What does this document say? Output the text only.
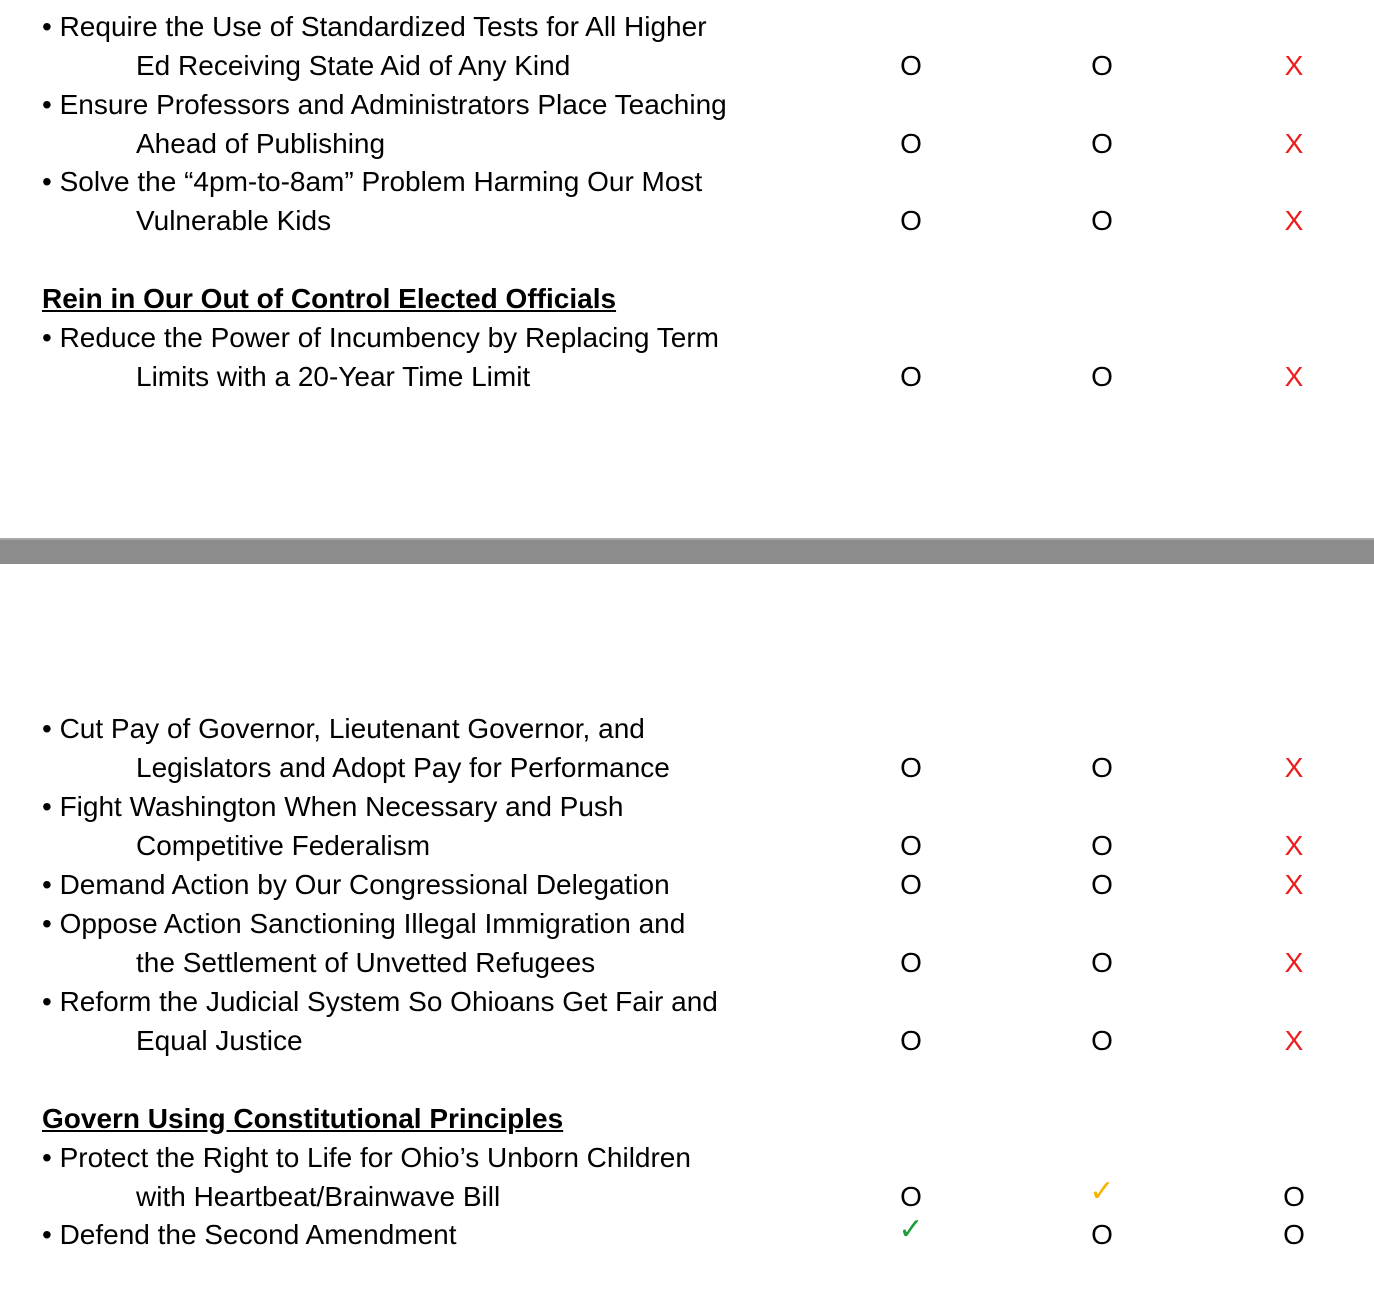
• Require the Use of Standardized Tests for All Higher
Ed Receiving State Aid of Any Kind	O	O	X
• Ensure Professors and Administrators Place Teaching
Ahead of Publishing	O	O	X
• Solve the “4pm-to-8am” Problem Harming Our Most
Vulnerable Kids	O	O	X
Rein in Our Out of Control Elected Officials
• Reduce the Power of Incumbency by Replacing Term
Limits with a 20-Year Time Limit	O	O	X
• Cut Pay of Governor, Lieutenant Governor, and
Legislators and Adopt Pay for Performance	O	O	X
• Fight Washington When Necessary and Push
Competitive Federalism	O	O	X
• Demand Action by Our Congressional Delegation	O	O	X
• Oppose Action Sanctioning Illegal Immigration and
the Settlement of Unvetted Refugees	O	O	X
• Reform the Judicial System So Ohioans Get Fair and
Equal Justice	O	O	X
Govern Using Constitutional Principles
• Protect the Right to Life for Ohio’s Unborn Children
with Heartbeat/Brainwave Bill	O	✓	O
• Defend the Second Amendment	✓	O	O
